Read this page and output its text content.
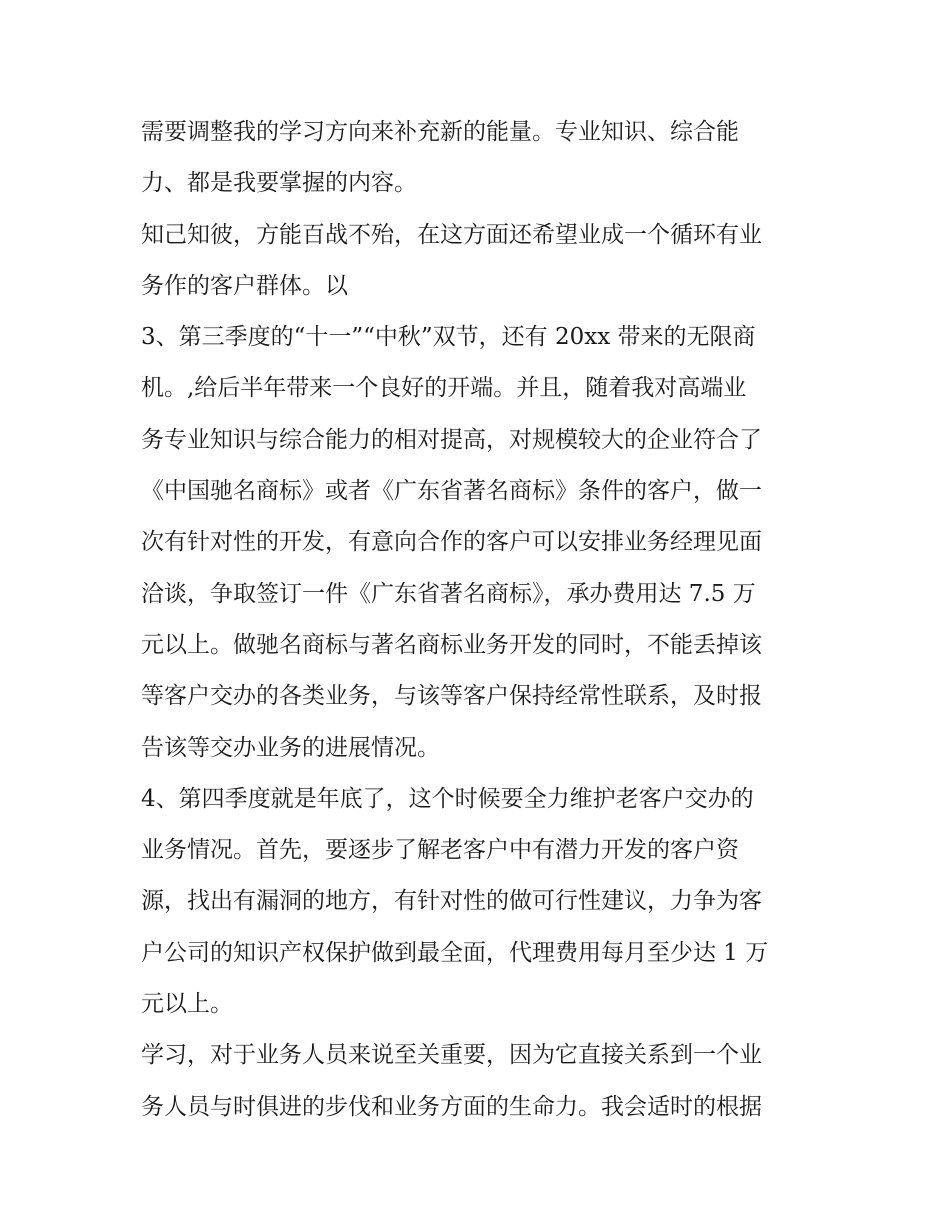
需要调整我的学习方向来补充新的能量。专业知识、综合能
力、都是我要掌握的内容。
知己知彼，方能百战不殆，在这方面还希望业成一个循环有业
务作的客户群体。以
3、第三季度的“十一”“中秋”双节，还有 20xx 带来的无限商
机。,给后半年带来一个良好的开端。并且，随着我对高端业
务专业知识与综合能力的相对提高，对规模较大的企业符合了
《中国驰名商标》或者《广东省著名商标》条件的客户，做一
次有针对性的开发，有意向合作的客户可以安排业务经理见面
洽谈，争取签订一件《广东省著名商标》，承办费用达 7.5 万
元以上。做驰名商标与著名商标业务开发的同时，不能丢掉该
等客户交办的各类业务，与该等客户保持经常性联系，及时报
告该等交办业务的进展情况。
4、第四季度就是年底了，这个时候要全力维护老客户交办的
业务情况。首先，要逐步了解老客户中有潜力开发的客户资
源，找出有漏洞的地方，有针对性的做可行性建议，力争为客
户公司的知识产权保护做到最全面，代理费用每月至少达 1 万
元以上。
学习，对于业务人员来说至关重要，因为它直接关系到一个业
务人员与时俱进的步伐和业务方面的生命力。我会适时的根据
